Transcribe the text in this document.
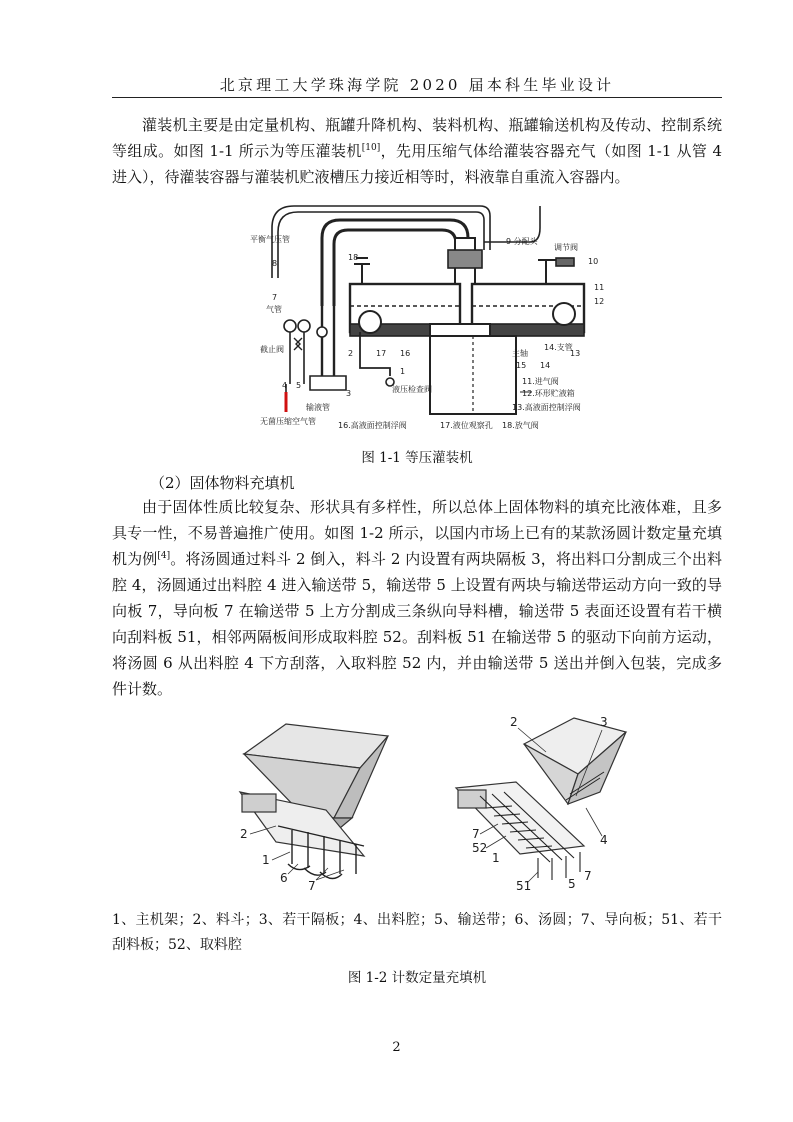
北京理工大学珠海学院 2020 届本科生毕业设计

灌装机主要是由定量机构、瓶罐升降机构、装料机构、瓶罐输送机构及传动、控制系统等组成。如图 1-1 所示为等压灌装机[10]，先用压缩气体给灌装容器充气（如图 1-1 从管 4 进入），待灌装容器与灌装机贮液槽压力接近相等时，料液靠自重流入容器内。

平衡气压管
8
7
气管
截止阀
4 5
3
2
1
输液管
无菌压缩空气管
液压检查阀
18
17 16
9 分配头
调节阀
10
11
12
13
主轴
15 14
14.支管
11.进气阀
12.环形贮液箱
13.高液面控制浮阀
16.高液面控制浮阀	17.液位观察孔 18.放气阀
图 1-1 等压灌装机
（2）固体物料充填机

由于固体性质比较复杂、形状具有多样性，所以总体上固体物料的填充比液体难，且多具专一性，不易普遍推广使用。如图 1-2 所示，以国内市场上已有的某款汤圆计数定量充填机为例[4]。将汤圆通过料斗 2 倒入，料斗 2 内设置有两块隔板 3，将出料口分割成三个出料腔 4，汤圆通过出料腔 4 进入输送带 5，输送带 5 上设置有两块与输送带运动方向一致的导向板 7，导向板 7 在输送带 5 上方分割成三条纵向导料槽，输送带 5 表面还设置有若干横向刮料板 51，相邻两隔板间形成取料腔 52。刮料板 51 在输送带 5 的驱动下向前方运动，将汤圆 6 从出料腔 4 下方刮落，入取料腔 52 内，并由输送带 5 送出并倒入包装，完成多件计数。

2
1
6
7
2	3
4
7
52
1
51	5
7

1、主机架；2、料斗；3、若干隔板；4、出料腔；5、输送带；6、汤圆；7、导向板；51、若干刮料板；52、取料腔

图 1-2 计数定量充填机
2
